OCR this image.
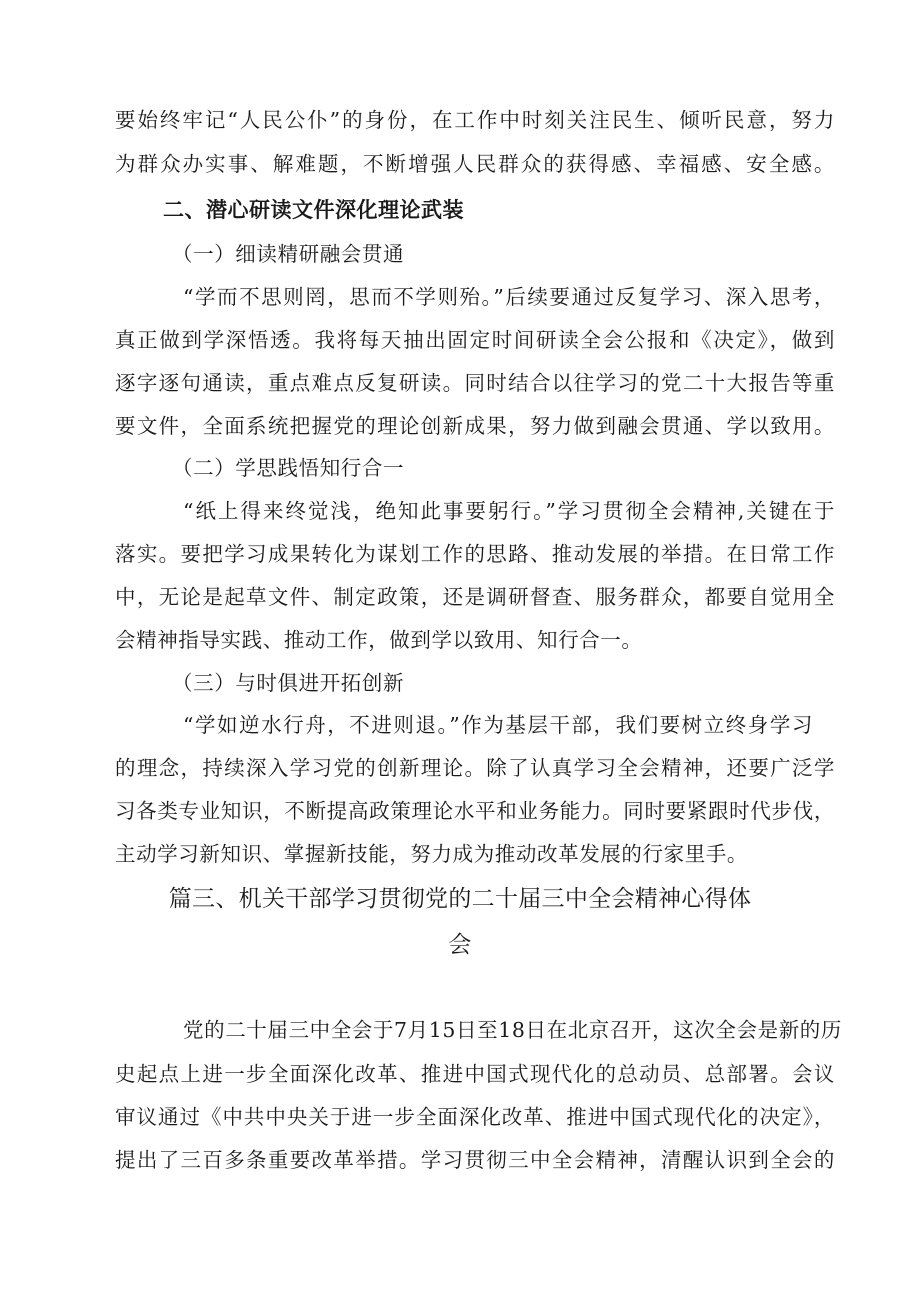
要始终牢记“人民公仆”的身份，在工作中时刻关注民生、倾听民意，努力
为群众办实事、解难题，不断增强人民群众的获得感、幸福感、安全感。
二、潜心研读文件深化理论武装
（一）细读精研融会贯通
“学而不思则罔，思而不学则殆。”后续要通过反复学习、深入思考，
真正做到学深悟透。我将每天抽出固定时间研读全会公报和《决定》，做到
逐字逐句通读，重点难点反复研读。同时结合以往学习的党二十大报告等重
要文件，全面系统把握党的理论创新成果，努力做到融会贯通、学以致用。
（二）学思践悟知行合一
“纸上得来终觉浅，绝知此事要躬行。”学习贯彻全会精神,关键在于
落实。要把学习成果转化为谋划工作的思路、推动发展的举措。在日常工作
中，无论是起草文件、制定政策，还是调研督查、服务群众，都要自觉用全
会精神指导实践、推动工作，做到学以致用、知行合一。
（三）与时俱进开拓创新
“学如逆水行舟，不进则退。”作为基层干部，我们要树立终身学习
的理念，持续深入学习党的创新理论。除了认真学习全会精神，还要广泛学
习各类专业知识，不断提高政策理论水平和业务能力。同时要紧跟时代步伐，
主动学习新知识、掌握新技能，努力成为推动改革发展的行家里手。
篇三、机关干部学习贯彻党的二十届三中全会精神心得体
会
党的二十届三中全会于7月15日至18日在北京召开，这次全会是新的历
史起点上进一步全面深化改革、推进中国式现代化的总动员、总部署。会议
审议通过《中共中央关于进一步全面深化改革、推进中国式现代化的决定》，
提出了三百多条重要改革举措。学习贯彻三中全会精神，清醒认识到全会的
